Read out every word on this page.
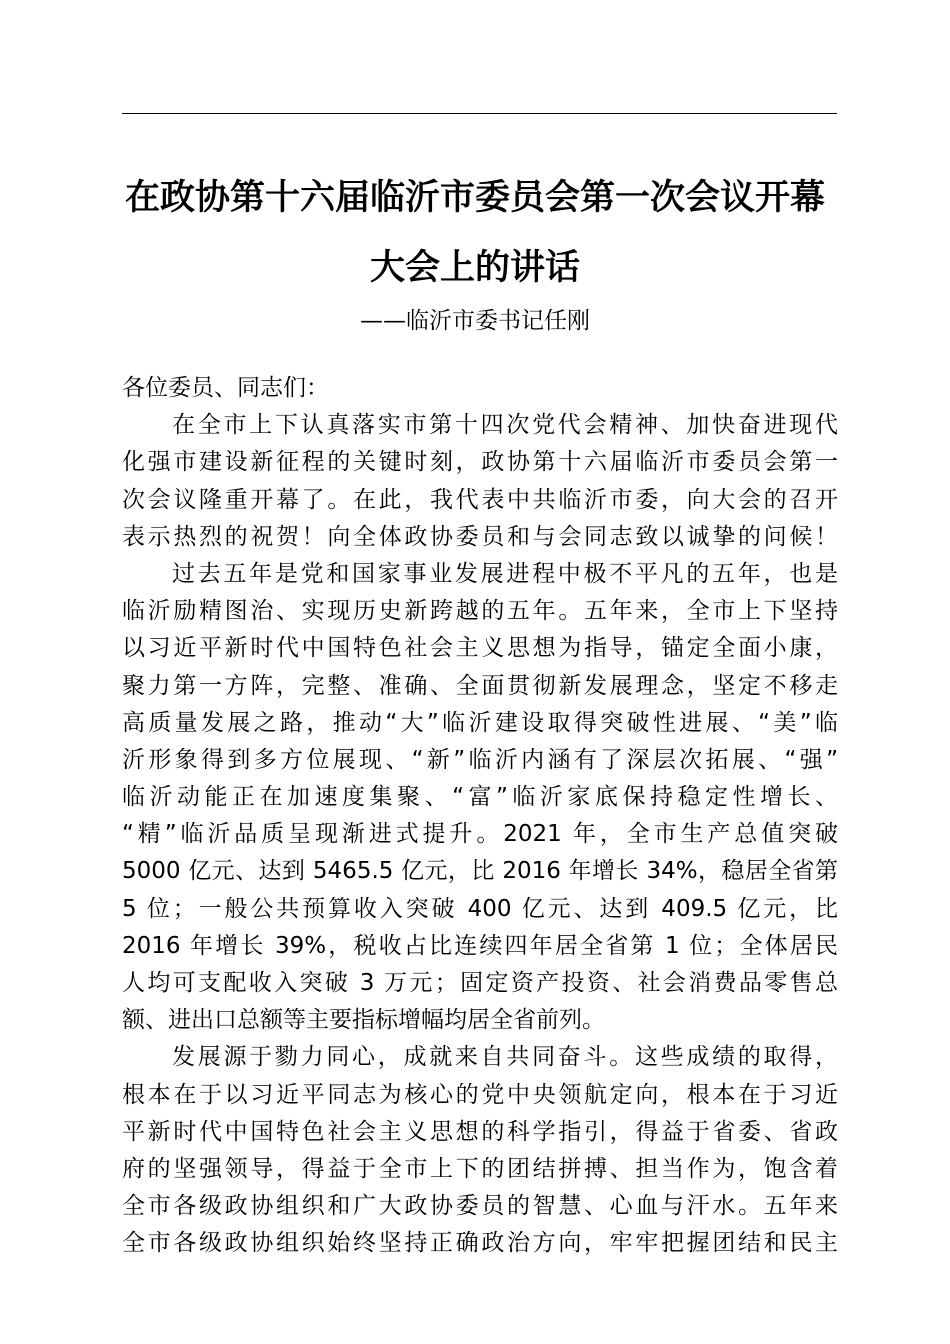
在政协第十六届临沂市委员会第一次会议开幕
大会上的讲话
——临沂市委书记任刚
各位委员、同志们：
在全市上下认真落实市第十四次党代会精神、加快奋进现代
化强市建设新征程的关键时刻，政协第十六届临沂市委员会第一
次会议隆重开幕了。在此，我代表中共临沂市委，向大会的召开
表示热烈的祝贺！向全体政协委员和与会同志致以诚挚的问候！
过去五年是党和国家事业发展进程中极不平凡的五年，也是
临沂励精图治、实现历史新跨越的五年。五年来，全市上下坚持
以习近平新时代中国特色社会主义思想为指导，锚定全面小康，
聚力第一方阵，完整、准确、全面贯彻新发展理念，坚定不移走
高质量发展之路，推动“大”临沂建设取得突破性进展、“美”临
沂形象得到多方位展现、“新”临沂内涵有了深层次拓展、“强”
临沂动能正在加速度集聚、“富”临沂家底保持稳定性增长、
“精”临沂品质呈现渐进式提升。2021 年，全市生产总值突破
5000 亿元、达到 5465.5 亿元，比 2016 年增长 34%，稳居全省第
5 位；一般公共预算收入突破 400 亿元、达到 409.5 亿元，比
2016 年增长 39%，税收占比连续四年居全省第 1 位；全体居民
人均可支配收入突破 3 万元；固定资产投资、社会消费品零售总
额、进出口总额等主要指标增幅均居全省前列。
发展源于勠力同心，成就来自共同奋斗。这些成绩的取得，
根本在于以习近平同志为核心的党中央领航定向，根本在于习近
平新时代中国特色社会主义思想的科学指引，得益于省委、省政
府的坚强领导，得益于全市上下的团结拼搏、担当作为，饱含着
全市各级政协组织和广大政协委员的智慧、心血与汗水。五年来
全市各级政协组织始终坚持正确政治方向，牢牢把握团结和民主
